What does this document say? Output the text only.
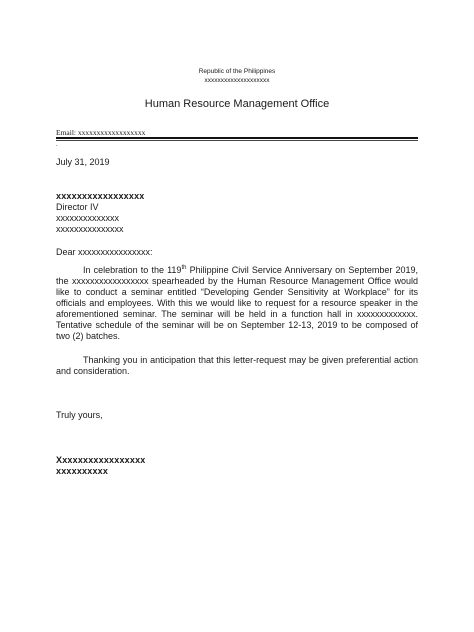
Republic of the Philippines
xxxxxxxxxxxxxxxxxxxx
Human Resource Management Office
Email: xxxxxxxxxxxxxxxxxx
.
July 31, 2019
xxxxxxxxxxxxxxxxx
Director IV
xxxxxxxxxxxxxx
xxxxxxxxxxxxxxx
Dear xxxxxxxxxxxxxxxx:
In celebration to the 119th Philippine Civil Service Anniversary on September 2019, the xxxxxxxxxxxxxxxxx spearheaded by the Human Resource Management Office would like to conduct a seminar entitled “Developing Gender Sensitivity at Workplace” for its officials and employees. With this we would like to request for a resource speaker in the aforementioned seminar. The seminar will be held in a function hall in xxxxxxxxxxxxx. Tentative schedule of the seminar will be on September 12-13, 2019 to be composed of two (2) batches.
Thanking you in anticipation that this letter-request may be given preferential action and consideration.
Truly yours,
Xxxxxxxxxxxxxxxxx
xxxxxxxxxx
